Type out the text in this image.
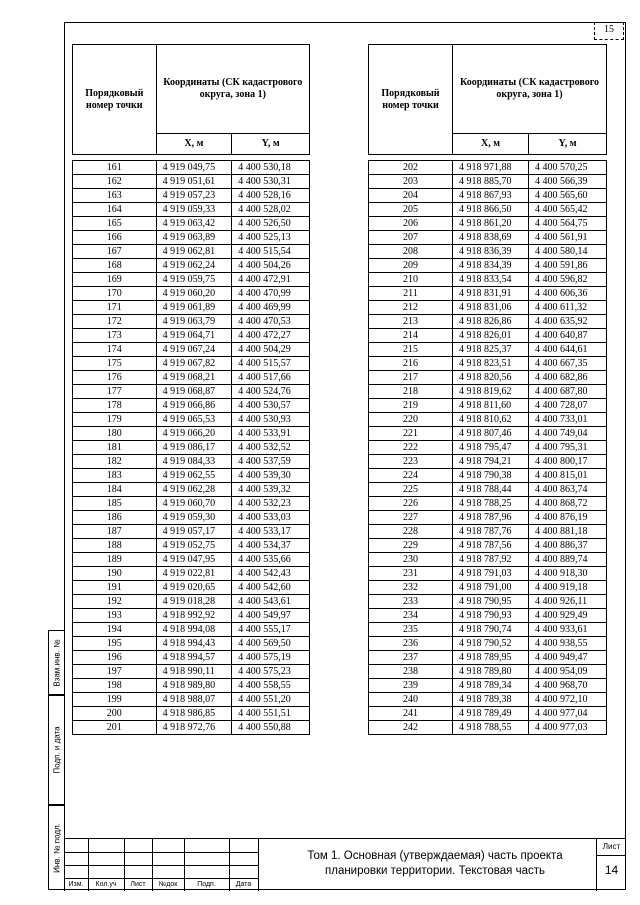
15
Порядковый номер точки	Координаты (СК кадастрового округа, зона 1)	
	X, м	Y, м

161	4 919 049,75	4 400 530,18
162	4 919 051,61	4 400 530,31
163	4 919 057,23	4 400 528,16
164	4 919 059,33	4 400 528,02
165	4 919 063,42	4 400 526,50
166	4 919 063,89	4 400 525,13
167	4 919 062,81	4 400 515,54
168	4 919 062,24	4 400 504,26
169	4 919 059,75	4 400 472,91
170	4 919 060,20	4 400 470,99
171	4 919 061,89	4 400 469,99
172	4 919 063,79	4 400 470,53
173	4 919 064,71	4 400 472,27
174	4 919 067,24	4 400 504,29
175	4 919 067,82	4 400 515,57
176	4 919 068,21	4 400 517,66
177	4 919 068,87	4 400 524,76
178	4 919 066,86	4 400 530,57
179	4 919 065,53	4 400 530,93
180	4 919 066,20	4 400 533,91
181	4 919 086,17	4 400 532,52
182	4 919 084,33	4 400 537,59
183	4 919 062,55	4 400 539,30
184	4 919 062,28	4 400 539,32
185	4 919 060,70	4 400 532,23
186	4 919 059,30	4 400 533,03
187	4 919 057,17	4 400 533,17
188	4 919 052,75	4 400 534,37
189	4 919 047,95	4 400 535,66
190	4 919 022,81	4 400 542,43
191	4 919 020,65	4 400 542,60
192	4 919 018,28	4 400 543,61
193	4 918 992,92	4 400 549,97
194	4 918 994,08	4 400 555,17
195	4 918 994,43	4 400 569,50
196	4 918 994,57	4 400 575,19
197	4 918 990,11	4 400 575,23
198	4 918 989,80	4 400 558,55
199	4 918 988,07	4 400 551,20
200	4 918 986,85	4 400 551,51
201	4 918 972,76	4 400 550,88
Порядковый номер точки	Координаты (СК кадастрового округа, зона 1)	
	X, м	Y, м

202	4 918 971,88	4 400 570,25
203	4 918 885,70	4 400 566,39
204	4 918 867,93	4 400 565,60
205	4 918 866,50	4 400 565,42
206	4 918 861,20	4 400 564,75
207	4 918 838,69	4 400 561,91
208	4 918 836,39	4 400 580,14
209	4 918 834,39	4 400 591,86
210	4 918 833,54	4 400 596,82
211	4 918 831,91	4 400 606,36
212	4 918 831,06	4 400 611,32
213	4 918 826,86	4 400 635,92
214	4 918 826,01	4 400 640,87
215	4 918 825,37	4 400 644,61
216	4 918 823,51	4 400 667,35
217	4 918 820,56	4 400 682,86
218	4 918 819,62	4 400 687,80
219	4 918 811,60	4 400 728,07
220	4 918 810,62	4 400 733,01
221	4 918 807,46	4 400 749,04
222	4 918 795,47	4 400 795,31
223	4 918 794,21	4 400 800,17
224	4 918 790,38	4 400 815,01
225	4 918 788,44	4 400 863,74
226	4 918 788,25	4 400 868,72
227	4 918 787,96	4 400 876,19
228	4 918 787,76	4 400 881,18
229	4 918 787,56	4 400 886,37
230	4 918 787,92	4 400 889,74
231	4 918 791,03	4 400 918,30
232	4 918 791,00	4 400 919,18
233	4 918 790,95	4 400 926,11
234	4 918 790,93	4 400 929,49
235	4 918 790,74	4 400 933,61
236	4 918 790,52	4 400 938,55
237	4 918 789,95	4 400 949,47
238	4 918 789,80	4 400 954,09
239	4 918 789,34	4 400 968,70
240	4 918 789,38	4 400 972,10
241	4 918 789,49	4 400 977,04
242	4 918 788,55	4 400 977,03
Взам.инв. №
Подп. и дата
Инв. № подл.
Изм.	Кол.уч	Лист	№док	Подп.	Дата
Том 1. Основная (утверждаемая) часть проекта
планировки территории. Текстовая часть
Лист
14
